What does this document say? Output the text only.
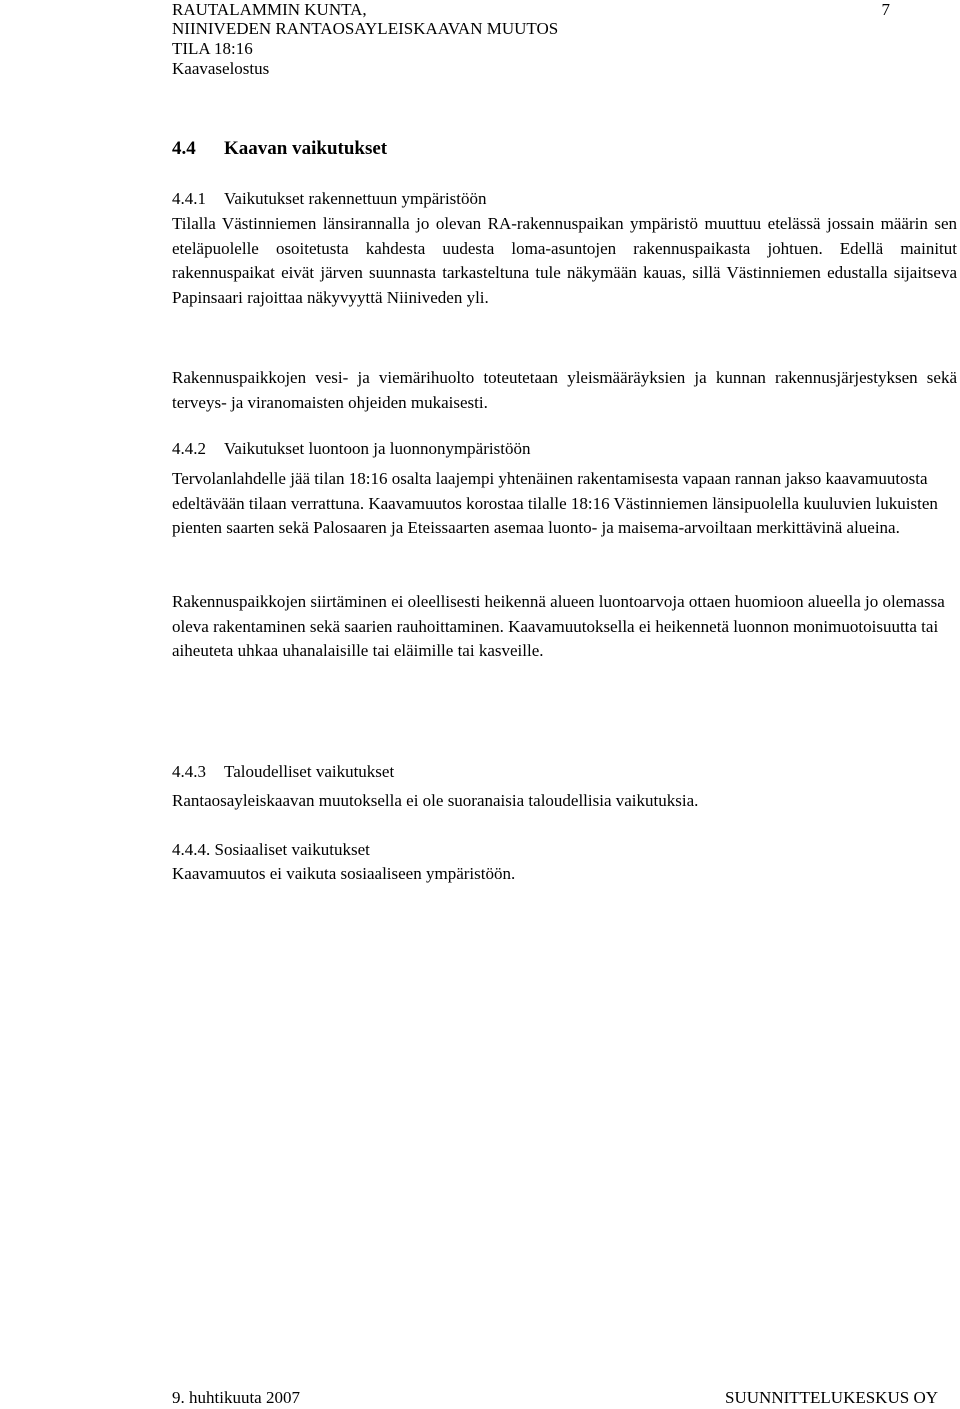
RAUTALAMMIN KUNTA,
NIINIVEDEN RANTAOSAYLEISKAAVAN MUUTOS
TILA 18:16
Kaavaselostus
7
4.4 Kaavan vaikutukset
4.4.1 Vaikutukset rakennettuun ympäristöön
Tilalla Västinniemen länsirannalla jo olevan RA-rakennuspaikan ympäristö muuttuu etelässä jossain määrin sen eteläpuolelle osoitetusta kahdesta uudesta loma-asuntojen rakennuspaikasta johtuen. Edellä mainitut rakennuspaikat eivät järven suunnasta tarkasteltuna tule näkymään kauas, sillä Västinniemen edustalla sijaitseva Papinsaari rajoittaa näkyvyyttä Niiniveden yli.
Rakennuspaikkojen vesi- ja viemärihuolto toteutetaan yleismääräyksien ja kunnan rakennusjärjestyksen sekä terveys- ja viranomaisten ohjeiden mukaisesti.
4.4.2 Vaikutukset luontoon ja luonnonympäristöön
Tervolanlahdelle jää tilan 18:16 osalta laajempi yhtenäinen rakentamisesta vapaan rannan jakso kaavamuutosta edeltävään tilaan verrattuna. Kaavamuutos korostaa tilalle 18:16 Västinniemen länsipuolella kuuluvien lukuisten pienten saarten sekä Palosaaren ja Eteissaarten asemaa luonto- ja maisema-arvoiltaan merkittävinä alueina.
Rakennuspaikkojen siirtäminen ei oleellisesti heikennä alueen luontoarvoja ottaen huomioon alueella jo olemassa oleva rakentaminen sekä saarien rauhoittaminen. Kaavamuutoksella ei heikennetä luonnon monimuotoisuutta tai aiheuteta uhkaa uhanalaisille tai eläimille tai kasveille.
4.4.3 Taloudelliset vaikutukset
Rantaosayleiskaavan muutoksella ei ole suoranaisia taloudellisia vaikutuksia.
4.4.4. Sosiaaliset vaikutukset
Kaavamuutos ei vaikuta sosiaaliseen ympäristöön.
9. huhtikuuta 2007	SUUNNITTELUKESKUS OY
